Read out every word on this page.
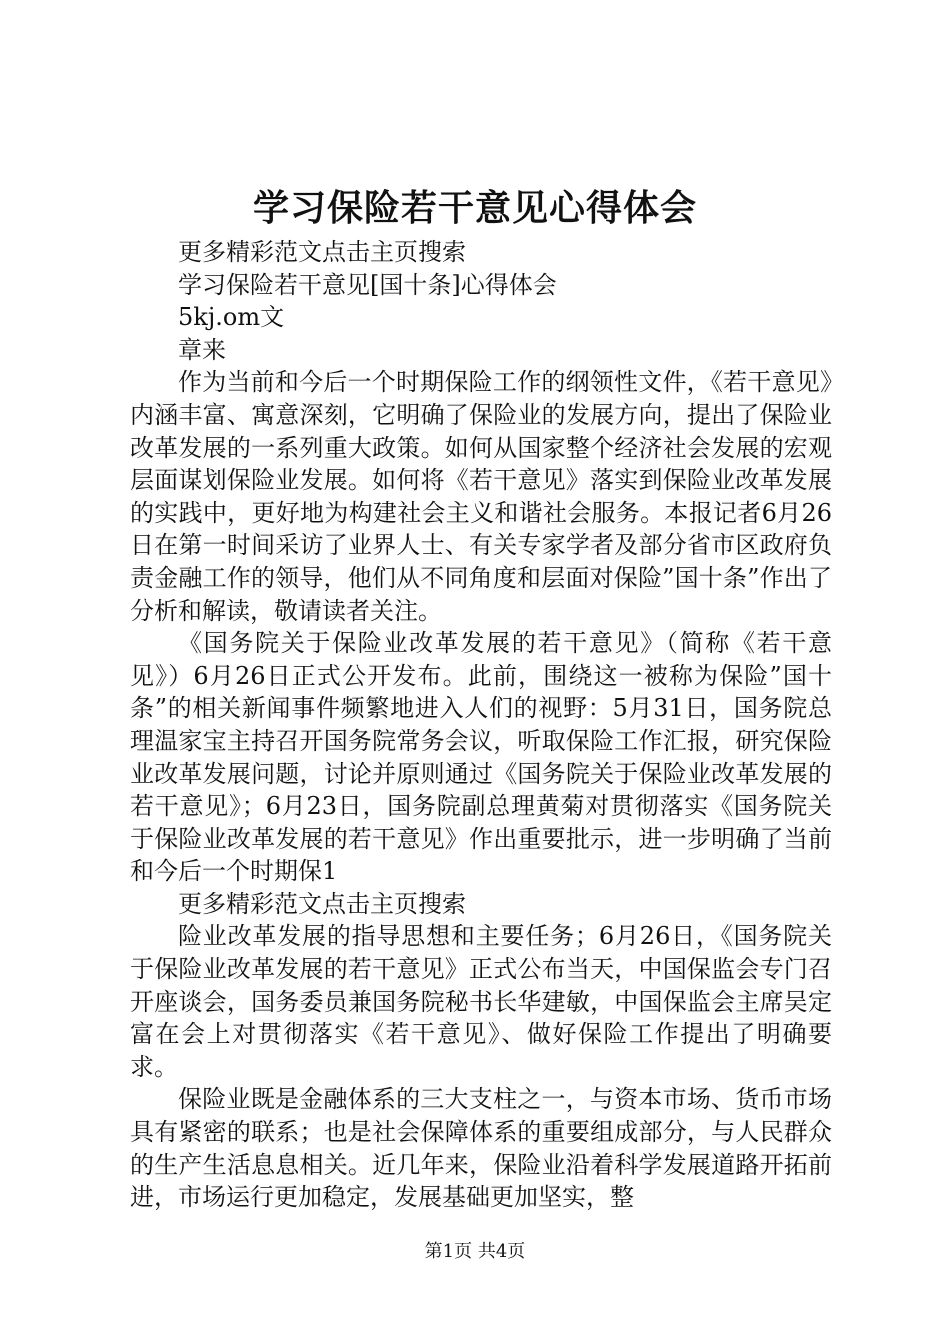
学习保险若干意见心得体会

更多精彩范文点击主页搜索

学习保险若干意见[国十条]心得体会

5kj.om文

章来

作为当前和今后一个时期保险工作的纲领性文件，《若干意见》内涵丰富、寓意深刻，它明确了保险业的发展方向，提出了保险业改革发展的一系列重大政策。如何从国家整个经济社会发展的宏观层面谋划保险业发展。如何将《若干意见》落实到保险业改革发展的实践中，更好地为构建社会主义和谐社会服务。本报记者6月26日在第一时间采访了业界人士、有关专家学者及部分省市区政府负责金融工作的领导，他们从不同角度和层面对保险”国十条”作出了分析和解读，敬请读者关注。

《国务院关于保险业改革发展的若干意见》（简称《若干意见》）6月26日正式公开发布。此前，围绕这一被称为保险”国十条”的相关新闻事件频繁地进入人们的视野：5月31日，国务院总理温家宝主持召开国务院常务会议，听取保险工作汇报，研究保险业改革发展问题，讨论并原则通过《国务院关于保险业改革发展的若干意见》；6月23日，国务院副总理黄菊对贯彻落实《国务院关于保险业改革发展的若干意见》作出重要批示，进一步明确了当前和今后一个时期保1

更多精彩范文点击主页搜索

险业改革发展的指导思想和主要任务；6月26日，《国务院关于保险业改革发展的若干意见》正式公布当天，中国保监会专门召开座谈会，国务委员兼国务院秘书长华建敏，中国保监会主席吴定富在会上对贯彻落实《若干意见》、做好保险工作提出了明确要求。

保险业既是金融体系的三大支柱之一，与资本市场、货币市场具有紧密的联系；也是社会保障体系的重要组成部分，与人民群众的生产生活息息相关。近几年来，保险业沿着科学发展道路开拓前进，市场运行更加稳定，发展基础更加坚实，整

第1页 共4页
